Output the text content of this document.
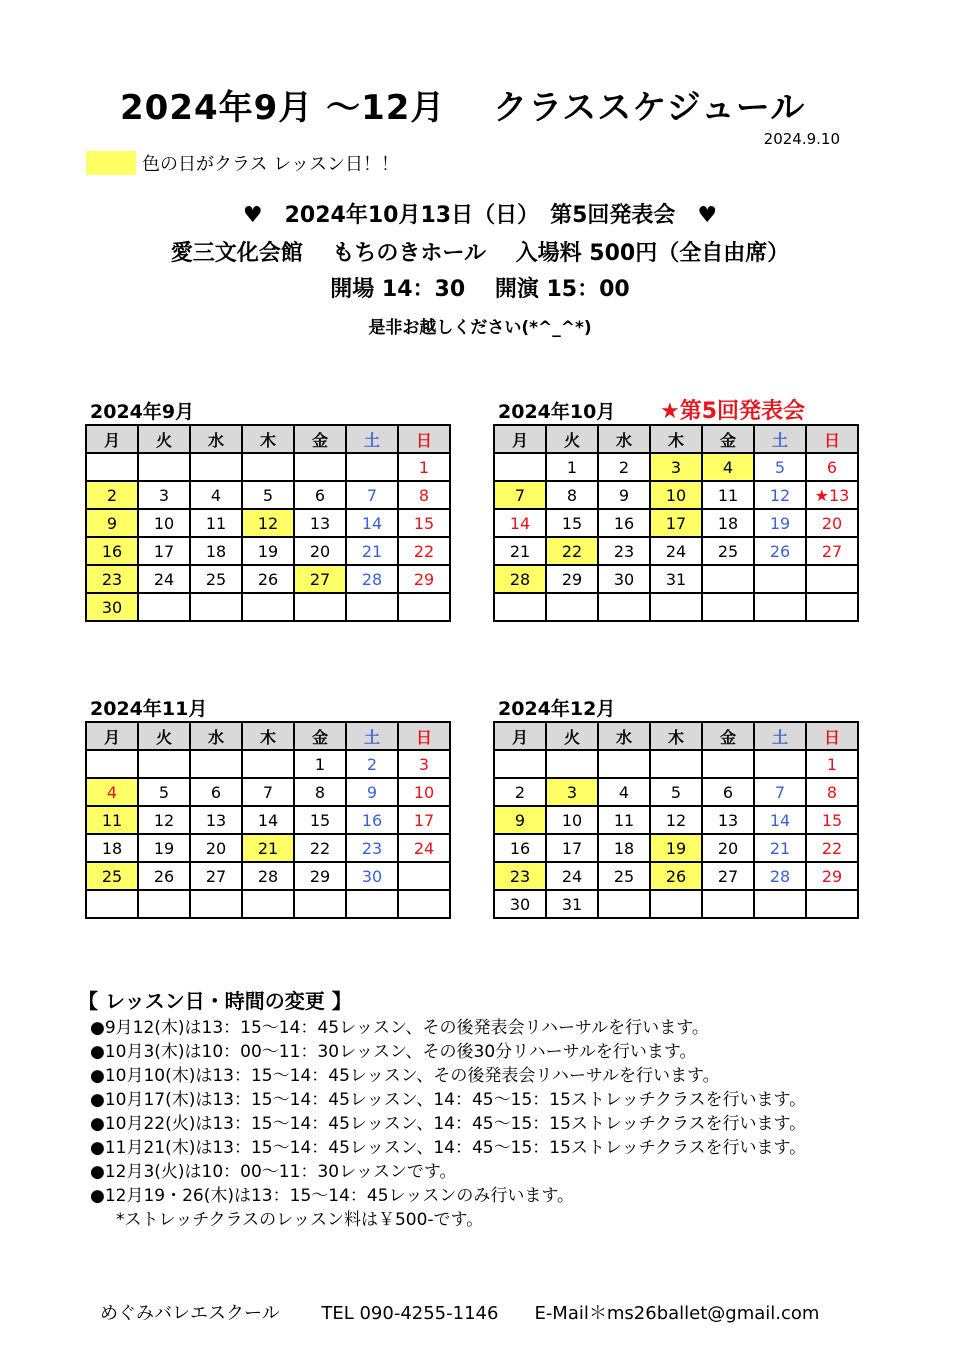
2024年9月 ～12月　 クラススケジュール
2024.9.10
色の日がクラス レッスン日！！
♥　2024年10月13日（日）　第5回発表会　♥
愛三文化会館　 もちのきホール　 入場料 500円（全自由席）
開場 14：30　 開演 15：00
是非お越しください(*^_^*)
2024年9月
月	火	水	木	金	土	日
						1
2	3	4	5	6	7	8
9	10	11	12	13	14	15
16	17	18	19	20	21	22
23	24	25	26	27	28	29
30						
2024年10月 ★第5回発表会
月	火	水	木	金	土	日
	1	2	3	4	5	6
7	8	9	10	11	12	★13
14	15	16	17	18	19	20
21	22	23	24	25	26	27
28	29	30	31			

2024年11月
月	火	水	木	金	土	日
				1	2	3
4	5	6	7	8	9	10
11	12	13	14	15	16	17
18	19	20	21	22	23	24
25	26	27	28	29	30	

2024年12月
月	火	水	木	金	土	日
						1
2	3	4	5	6	7	8
9	10	11	12	13	14	15
16	17	18	19	20	21	22
23	24	25	26	27	28	29
30	31					
【 レッスン日・時間の変更 】
●9月12(木)は13：15～14：45レッスン、その後発表会リハーサルを行います。
●10月3(木)は10：00～11：30レッスン、その後30分リハーサルを行います。
●10月10(木)は13：15～14：45レッスン、その後発表会リハーサルを行います。
●10月17(木)は13：15～14：45レッスン、14：45～15：15ストレッチクラスを行います。
●10月22(火)は13：15～14：45レッスン、14：45～15：15ストレッチクラスを行います。
●11月21(木)は13：15～14：45レッスン、14：45～15：15ストレッチクラスを行います。
●12月3(火)は10：00～11：30レッスンです。
●12月19・26(木)は13：15～14：45レッスンのみ行います。
*ストレッチクラスのレッスン料は￥500-です。
めぐみバレエスクール　　 TEL 090-4255-1146　　E-Mail＊ms26ballet@gmail.com
